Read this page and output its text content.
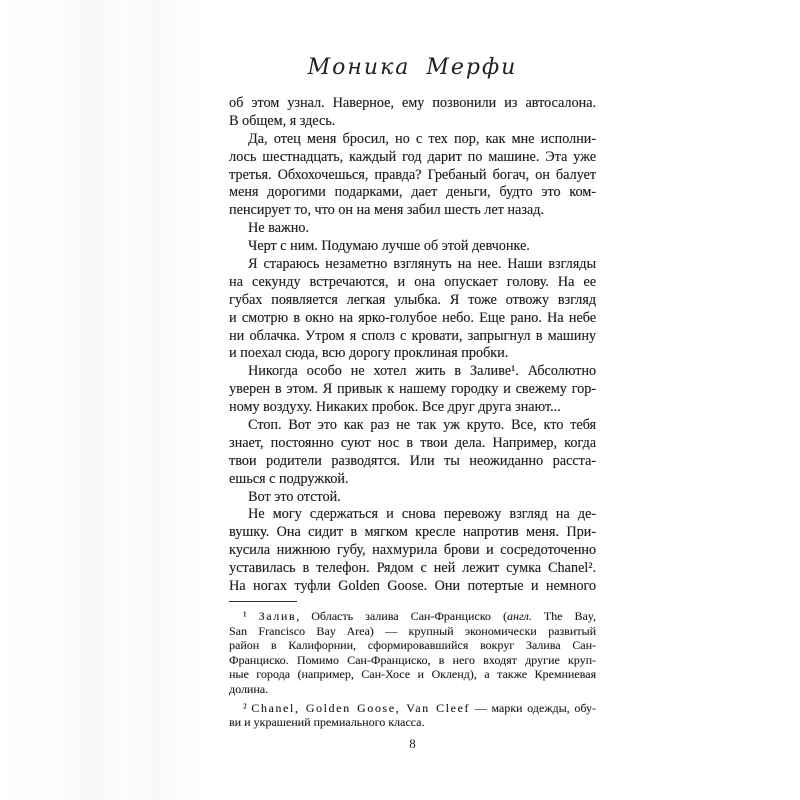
Моника Мерфи
об этом узнал. Наверное, ему позвонили из автосалона.
В общем, я здесь.
Да, отец меня бросил, но с тех пор, как мне исполни-
лось шестнадцать, каждый год дарит по машине. Эта уже
третья. Обхохочешься, правда? Гребаный богач, он балует
меня дорогими подарками, дает деньги, будто это ком-
пенсирует то, что он на меня забил шесть лет назад.
Не важно.
Черт с ним. Подумаю лучше об этой девчонке.
Я стараюсь незаметно взглянуть на нее. Наши взгляды
на секунду встречаются, и она опускает голову. На ее
губах появляется легкая улыбка. Я тоже отвожу взгляд
и смотрю в окно на ярко-голубое небо. Еще рано. На небе
ни облачка. Утром я сполз с кровати, запрыгнул в машину
и поехал сюда, всю дорогу проклиная пробки.
Никогда особо не хотел жить в Заливе¹. Абсолютно
уверен в этом. Я привык к нашему городку и свежему гор-
ному воздуху. Никаких пробок. Все друг друга знают...
Стоп. Вот это как раз не так уж круто. Все, кто тебя
знает, постоянно суют нос в твои дела. Например, когда
твои родители разводятся. Или ты неожиданно расста-
ешься с подружкой.
Вот это отстой.
Не могу сдержаться и снова перевожу взгляд на де-
вушку. Она сидит в мягком кресле напротив меня. При-
кусила нижнюю губу, нахмурила брови и сосредоточенно
уставилась в телефон. Рядом с ней лежит сумка Chanel².
На ногах туфли Golden Goose. Они потертые и немного
¹ Залив, Область залива Сан-Франциско (англ. The Bay,
San Francisco Bay Area) — крупный экономически развитый
район в Калифорнии, сформировавшийся вокруг Залива Сан-
Франциско. Помимо Сан-Франциско, в него входят другие круп-
ные города (например, Сан-Хосе и Окленд), а также Кремниевая
долина.
² Chanel, Golden Goose, Van Cleef — марки одежды, обу-
ви и украшений премиального класса.
8
